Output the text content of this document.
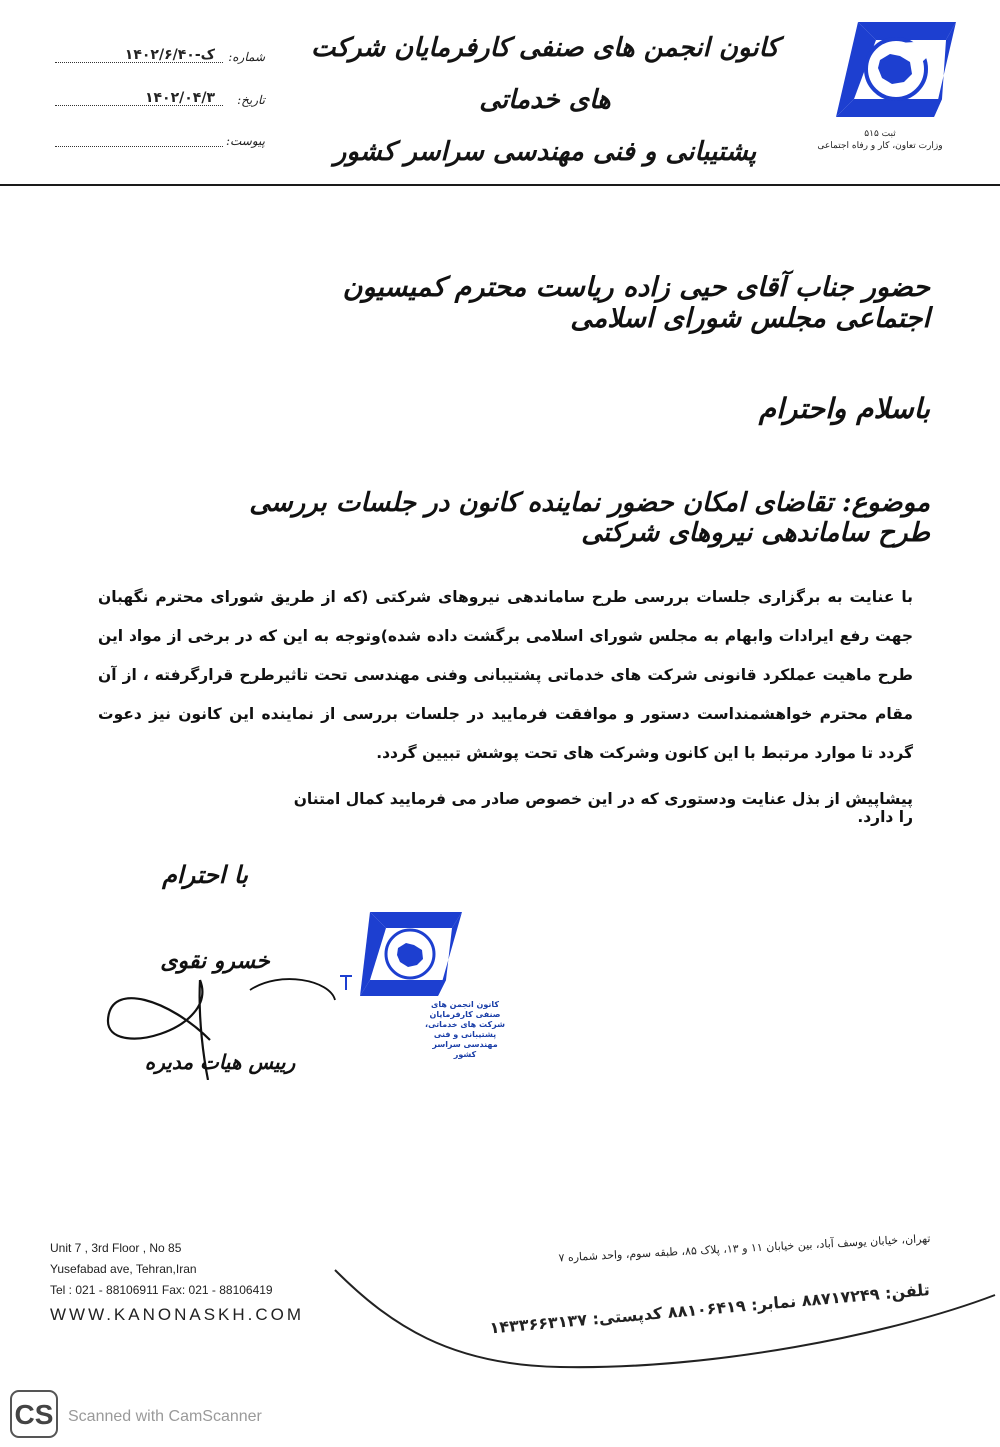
ثبت ۵۱۵
وزارت تعاون، کار و رفاه اجتماعی
کانون انجمن های صنفی کارفرمایان شرکت های خدماتی
پشتیبانی و فنی مهندسی سراسر کشور
شماره:
۱۴۰۲/۶/ک-۴۰
تاریخ:
۱۴۰۲/۰۴/۳
پیوست:
حضور جناب آقای حیی زاده ریاست محترم کمیسیون اجتماعی مجلس شورای اسلامی
باسلام واحترام
موضوع: تقاضای امکان حضور نماینده کانون در جلسات بررسی طرح ساماندهی نیروهای شرکتی
با عنایت به برگزاری جلسات بررسی طرح ساماندهی نیروهای شرکتی (که از طریق شورای محترم نگهبان جهت رفع ایرادات وابهام به مجلس شورای اسلامی برگشت داده شده)وتوجه به این که در برخی از مواد این طرح ماهیت عملکرد قانونی شرکت های خدماتی پشتیبانی وفنی مهندسی تحت تاثیرطرح قرارگرفته ، از آن مقام محترم خواهشمنداست دستور و موافقت فرمایید در جلسات بررسی از نماینده این کانون نیز دعوت گردد تا موارد مرتبط با این کانون وشرکت های تحت پوشش تبیین گردد.
پیشاپیش از بذل عنایت ودستوری که در این خصوص صادر می فرمایید کمال امتنان را دارد.
با احترام
خسرو نقوی
رییس هیات مدیره
کانون انجمن های صنفی کارفرمایان شرکت های خدماتی، پشتیبانی و فنی مهندسی سراسر کشور
Unit 7 , 3rd Floor , No 85
Yusefabad ave, Tehran,Iran
Tel : 021 - 88106911 Fax: 021 - 88106419
WWW.KANONASKH.COM
تهران، خیابان یوسف آباد، بین خیابان ۱۱ و ۱۳، پلاک ۸۵، طبقه سوم، واحد شماره ۷
تلفن: ۸۸۷۱۷۲۴۹ نمابر: ۸۸۱۰۶۴۱۹ کدپستی: ۱۴۳۳۶۶۳۱۳۷
CS Scanned with CamScanner
